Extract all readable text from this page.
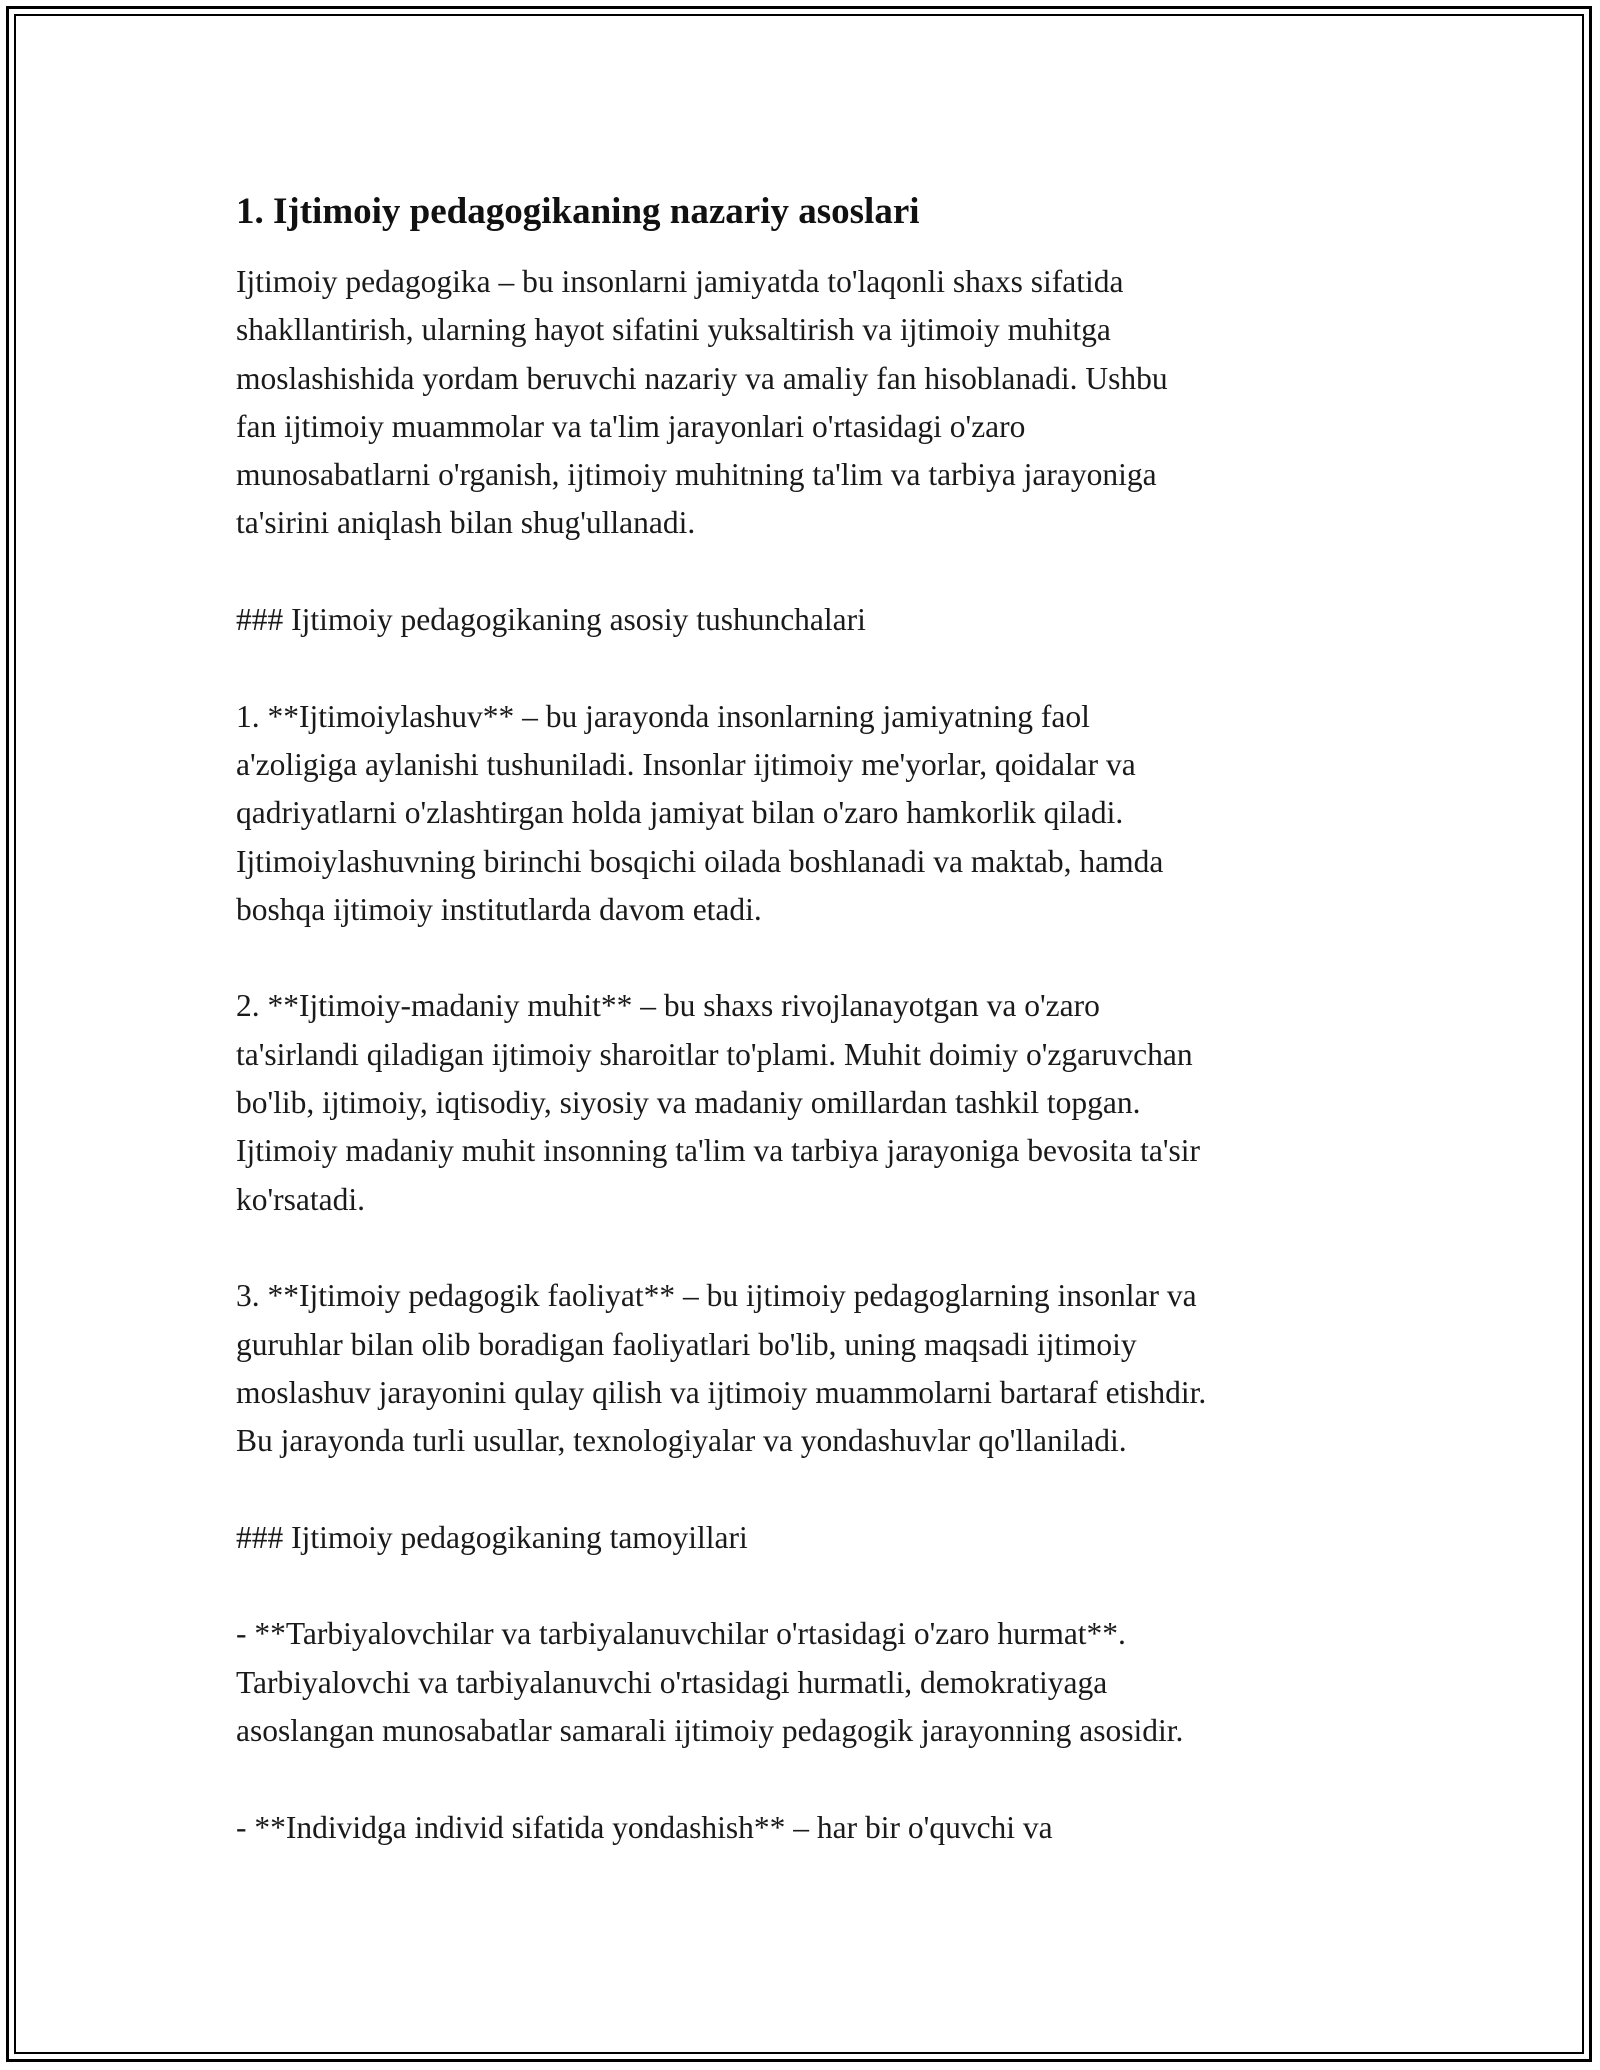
1. Ijtimoiy pedagogikaning nazariy asoslari

Ijtimoiy pedagogika – bu insonlarni jamiyatda to'laqonli shaxs sifatida
shakllantirish, ularning hayot sifatini yuksaltirish va ijtimoiy muhitga
moslashishida yordam beruvchi nazariy va amaliy fan hisoblanadi. Ushbu
fan ijtimoiy muammolar va ta'lim jarayonlari o'rtasidagi o'zaro
munosabatlarni o'rganish, ijtimoiy muhitning ta'lim va tarbiya jarayoniga
ta'sirini aniqlash bilan shug'ullanadi.

### Ijtimoiy pedagogikaning asosiy tushunchalari

1. **Ijtimoiylashuv** – bu jarayonda insonlarning jamiyatning faol
a'zoligiga aylanishi tushuniladi. Insonlar ijtimoiy me'yorlar, qoidalar va
qadriyatlarni o'zlashtirgan holda jamiyat bilan o'zaro hamkorlik qiladi.
Ijtimoiylashuvning birinchi bosqichi oilada boshlanadi va maktab, hamda
boshqa ijtimoiy institutlarda davom etadi.

2. **Ijtimoiy-madaniy muhit** – bu shaxs rivojlanayotgan va o'zaro
ta'sirlandi qiladigan ijtimoiy sharoitlar to'plami. Muhit doimiy o'zgaruvchan
bo'lib, ijtimoiy, iqtisodiy, siyosiy va madaniy omillardan tashkil topgan.
Ijtimoiy madaniy muhit insonning ta'lim va tarbiya jarayoniga bevosita ta'sir
ko'rsatadi.

3. **Ijtimoiy pedagogik faoliyat** – bu ijtimoiy pedagoglarning insonlar va
guruhlar bilan olib boradigan faoliyatlari bo'lib, uning maqsadi ijtimoiy
moslashuv jarayonini qulay qilish va ijtimoiy muammolarni bartaraf etishdir.
Bu jarayonda turli usullar, texnologiyalar va yondashuvlar qo'llaniladi.

### Ijtimoiy pedagogikaning tamoyillari

- **Tarbiyalovchilar va tarbiyalanuvchilar o'rtasidagi o'zaro hurmat**.
Tarbiyalovchi va tarbiyalanuvchi o'rtasidagi hurmatli, demokratiyaga
asoslangan munosabatlar samarali ijtimoiy pedagogik jarayonning asosidir.

- **Individga individ sifatida yondashish** – har bir o'quvchi va
